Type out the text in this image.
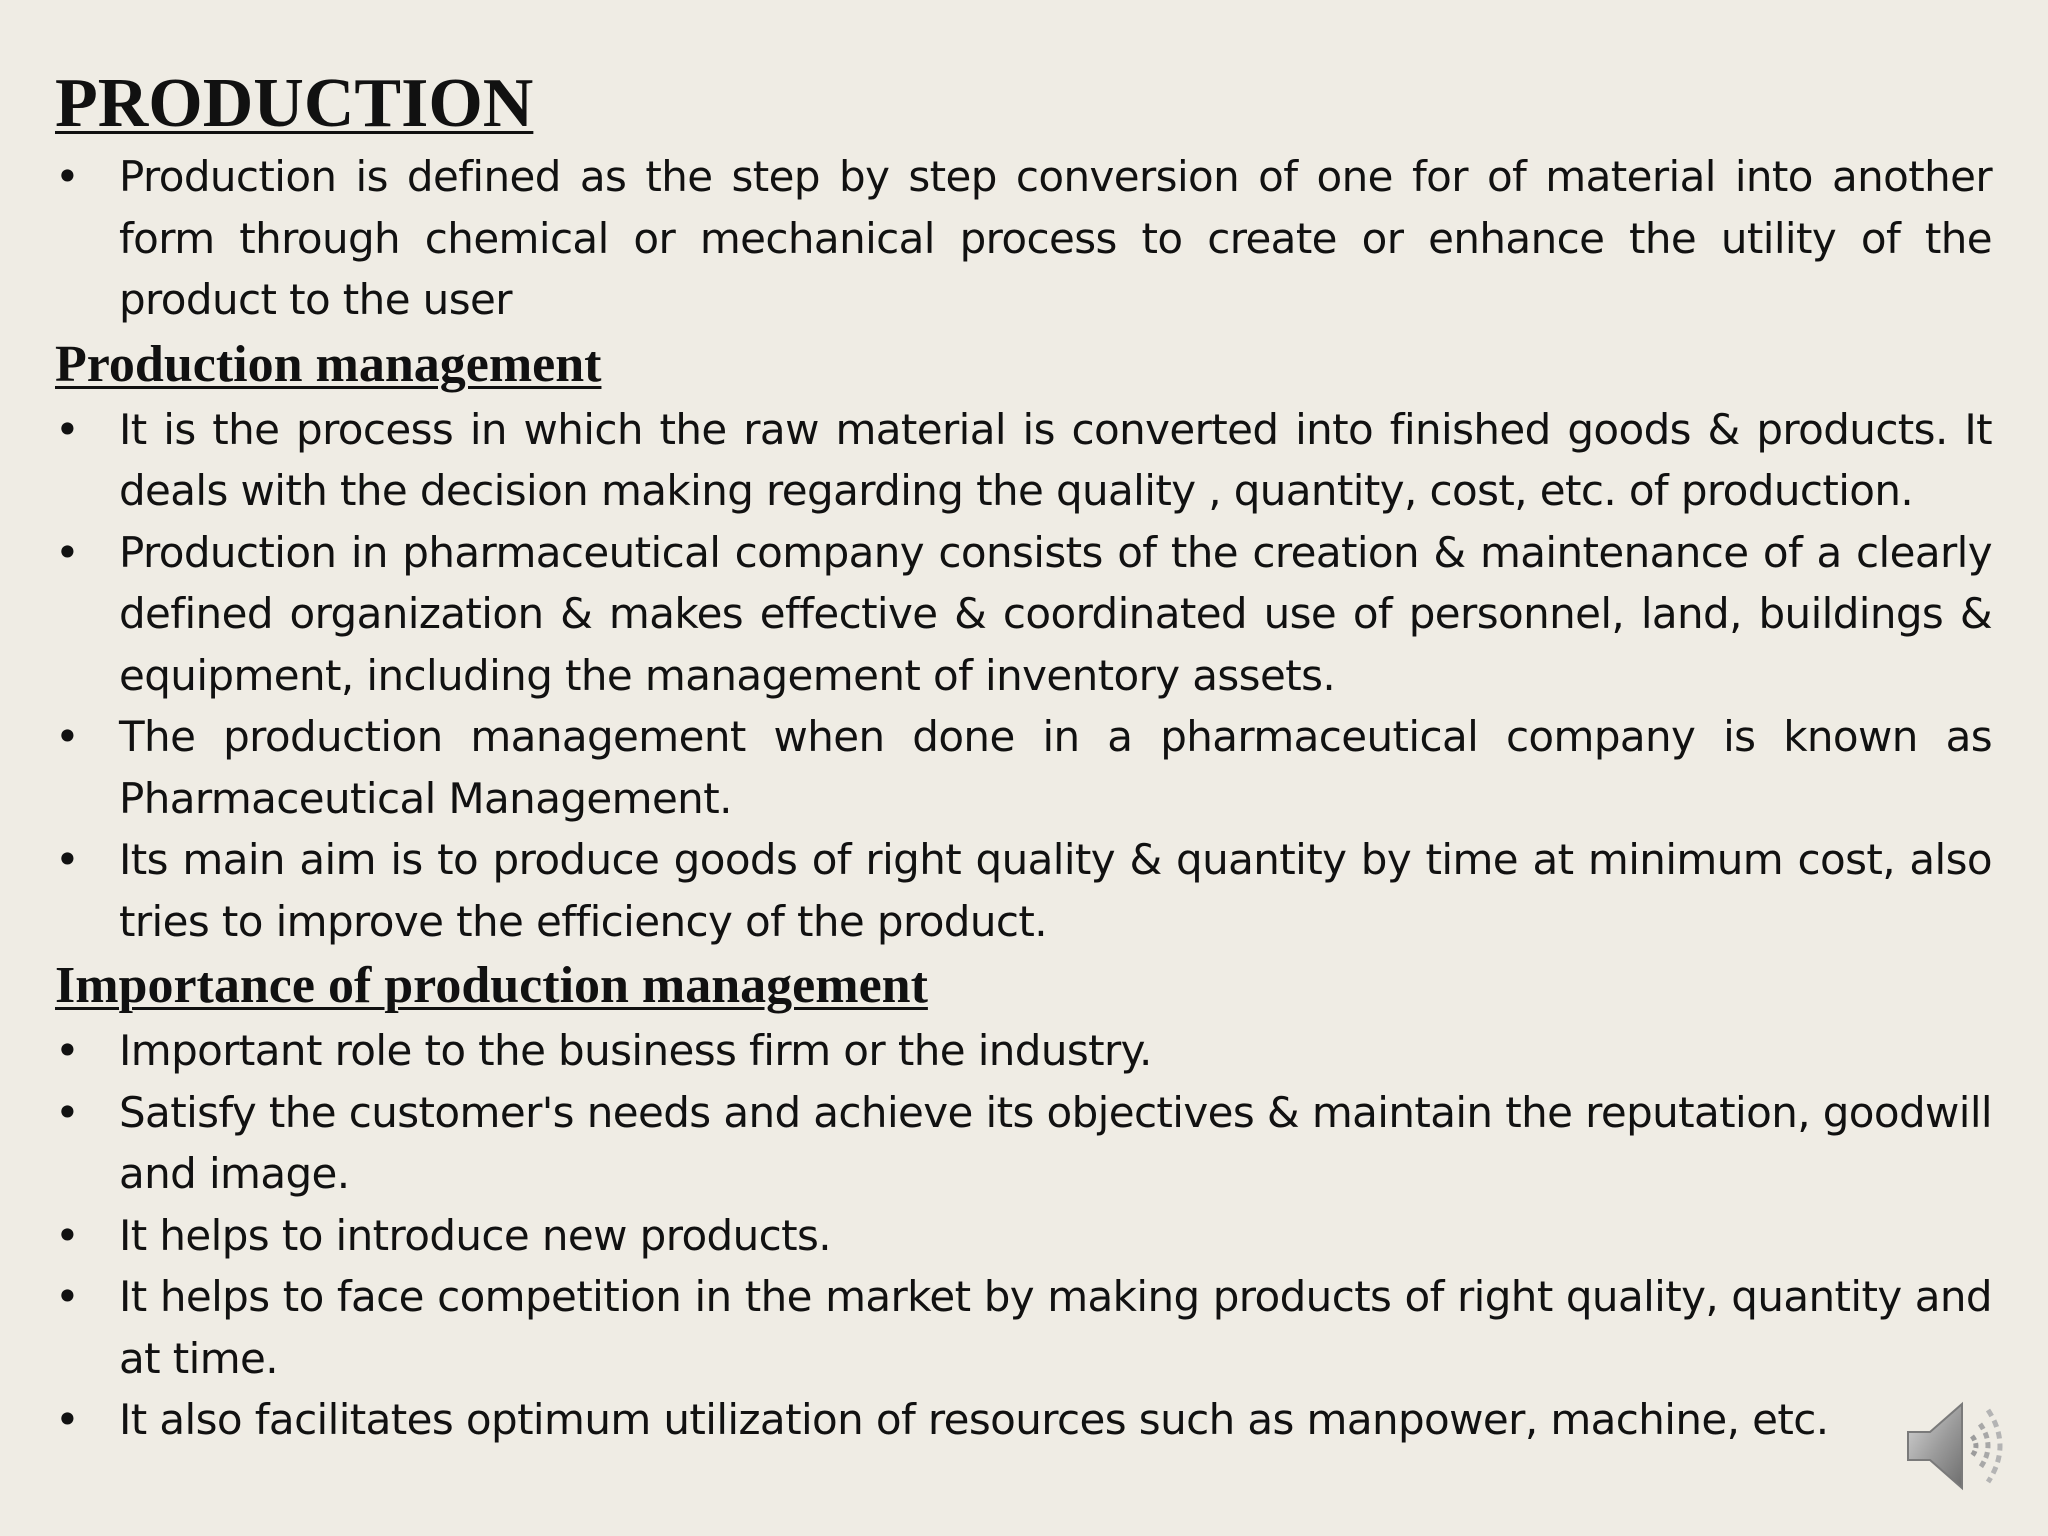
PRODUCTION
• Production is defined as the step by step conversion of one for of material into another form through chemical or mechanical process to create or enhance the utility of the product to the user
Production management
• It is the process in which the raw material is converted into finished goods & products. It deals with the decision making regarding the quality , quantity, cost, etc. of production.
• Production in pharmaceutical company consists of the creation & maintenance of a clearly defined organization & makes effective & coordinated use of personnel, land, buildings & equipment, including the management of inventory assets.
• The production management when done in a pharmaceutical company is known as Pharmaceutical Management.
• Its main aim is to produce goods of right quality & quantity by time at minimum cost, also tries to improve the efficiency of the product.
Importance of production management
• Important role to the business firm or the industry.
• Satisfy the customer's needs and achieve its objectives & maintain the reputation, goodwill and image.
• It helps to introduce new products.
• It helps to face competition in the market by making products of right quality, quantity and at time.
• It also facilitates optimum utilization of resources such as manpower, machine, etc.
